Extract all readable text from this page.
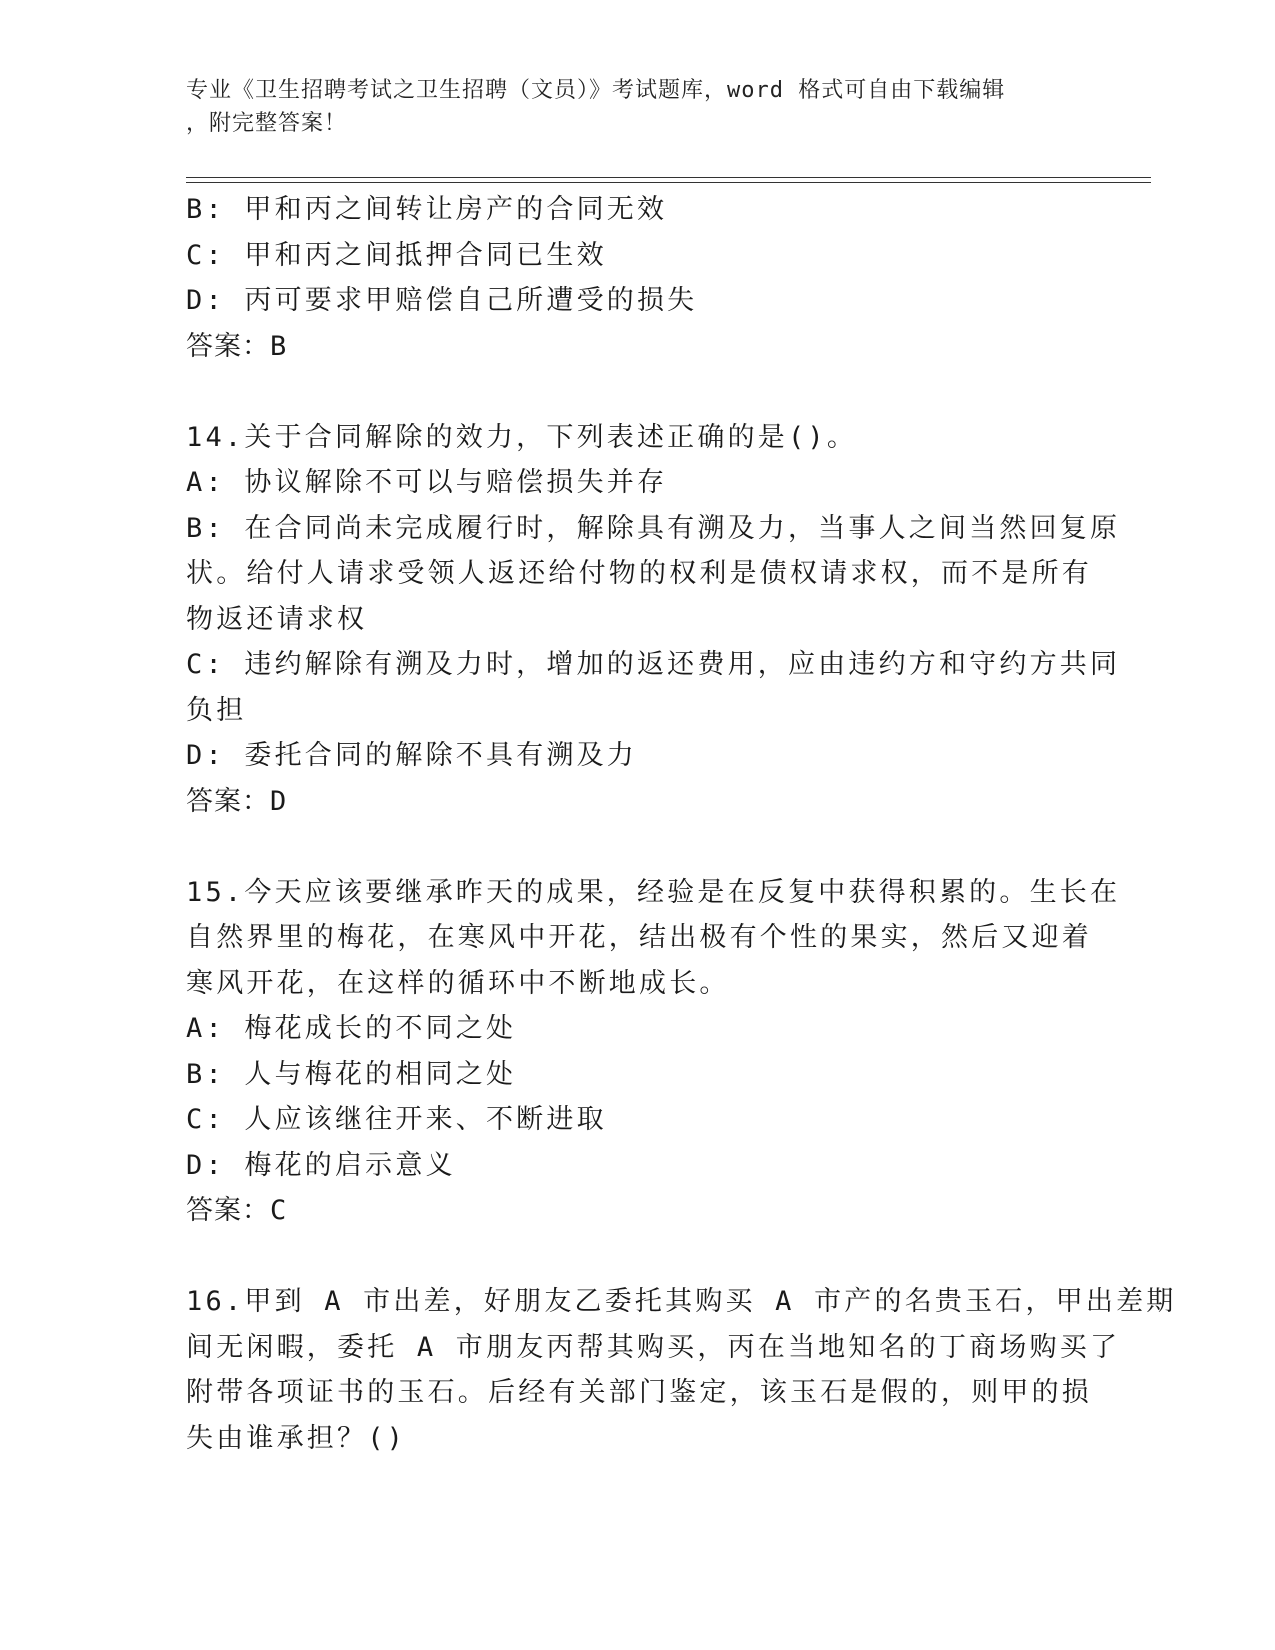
专业《卫生招聘考试之卫生招聘（文员）》考试题库，word 格式可自由下载编辑
，附完整答案！
B: 甲和丙之间转让房产的合同无效
C: 甲和丙之间抵押合同已生效
D: 丙可要求甲赔偿自己所遭受的损失
答案：B
14.关于合同解除的效力，下列表述正确的是()。
A: 协议解除不可以与赔偿损失并存
B: 在合同尚未完成履行时，解除具有溯及力，当事人之间当然回复原
状。给付人请求受领人返还给付物的权利是债权请求权，而不是所有
物返还请求权
C: 违约解除有溯及力时，增加的返还费用，应由违约方和守约方共同
负担
D: 委托合同的解除不具有溯及力
答案：D
15.今天应该要继承昨天的成果，经验是在反复中获得积累的。生长在
自然界里的梅花，在寒风中开花，结出极有个性的果实，然后又迎着
寒风开花，在这样的循环中不断地成长。
A: 梅花成长的不同之处
B: 人与梅花的相同之处
C: 人应该继往开来、不断进取
D: 梅花的启示意义
答案：C
16.甲到 A 市出差，好朋友乙委托其购买 A 市产的名贵玉石，甲出差期
间无闲暇，委托 A 市朋友丙帮其购买，丙在当地知名的丁商场购买了
附带各项证书的玉石。后经有关部门鉴定，该玉石是假的，则甲的损
失由谁承担？()
